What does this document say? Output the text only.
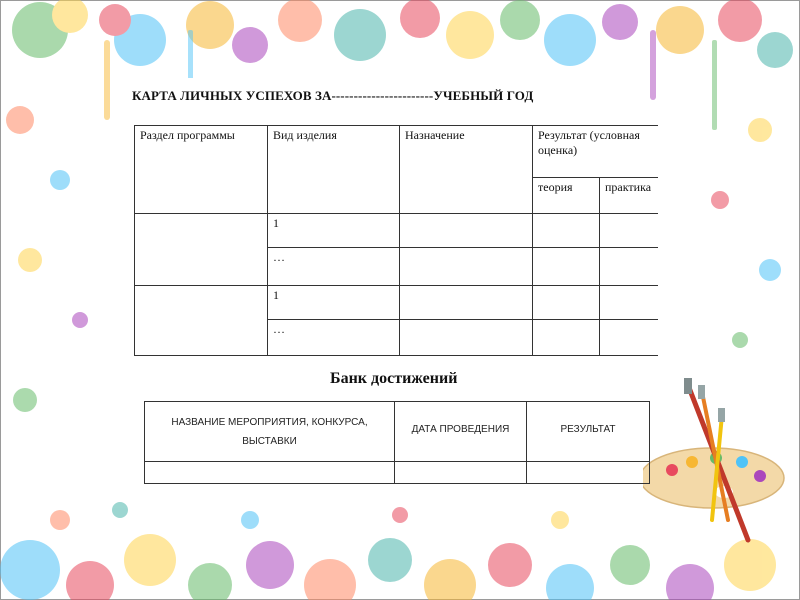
КАРТА ЛИЧНЫХ УСПЕХОВ ЗА-----------------------УЧЕБНЫЙ ГОД
Раздел программы	Вид изделия	Назначение	Результат (условная оценка)	
			теория	практика
	1			
	…			
	1			
	…			
Банк достижений
НАЗВАНИЕ МЕРОПРИЯТИЯ, КОНКУРСА, ВЫСТАВКИ	ДАТА ПРОВЕДЕНИЯ	РЕЗУЛЬТАТ
